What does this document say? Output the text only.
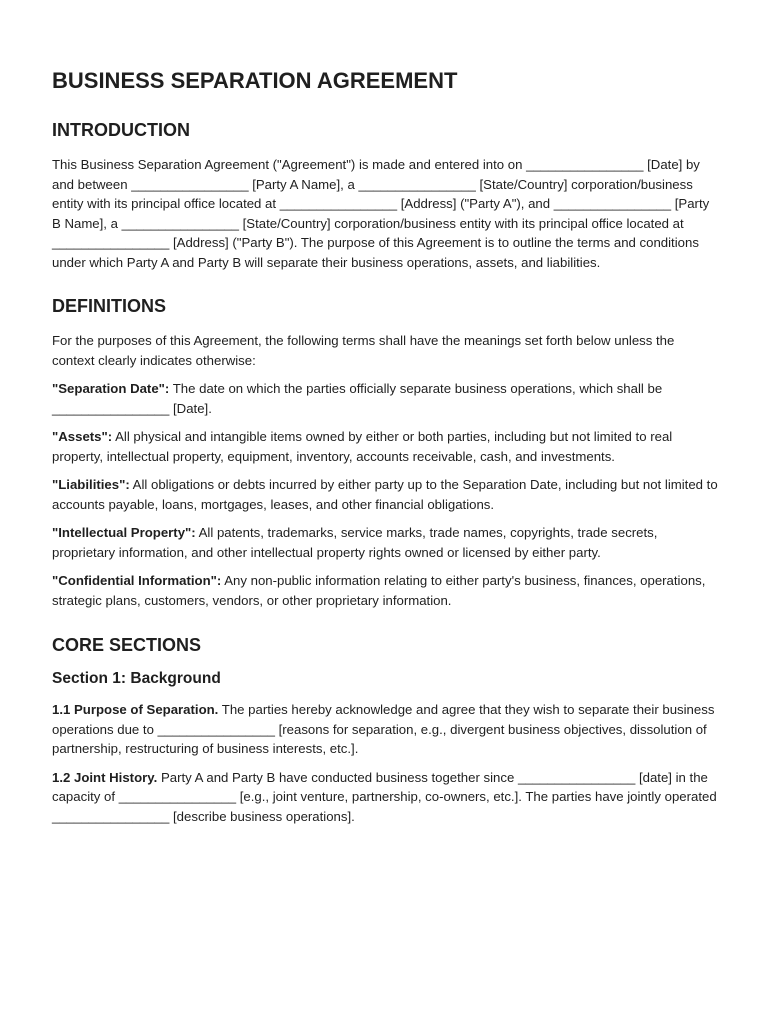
BUSINESS SEPARATION AGREEMENT
INTRODUCTION

This Business Separation Agreement ("Agreement") is made and entered into on ________________ [Date] by and between ________________ [Party A Name], a ________________ [State/Country] corporation/business entity with its principal office located at ________________ [Address] ("Party A"), and ________________ [Party B Name], a ________________ [State/Country] corporation/business entity with its principal office located at ________________ [Address] ("Party B"). The purpose of this Agreement is to outline the terms and conditions under which Party A and Party B will separate their business operations, assets, and liabilities.

DEFINITIONS

For the purposes of this Agreement, the following terms shall have the meanings set forth below unless the context clearly indicates otherwise:

"Separation Date": The date on which the parties officially separate business operations, which shall be ________________ [Date].

"Assets": All physical and intangible items owned by either or both parties, including but not limited to real property, intellectual property, equipment, inventory, accounts receivable, cash, and investments.

"Liabilities": All obligations or debts incurred by either party up to the Separation Date, including but not limited to accounts payable, loans, mortgages, leases, and other financial obligations.

"Intellectual Property": All patents, trademarks, service marks, trade names, copyrights, trade secrets, proprietary information, and other intellectual property rights owned or licensed by either party.

"Confidential Information": Any non-public information relating to either party's business, finances, operations, strategic plans, customers, vendors, or other proprietary information.

CORE SECTIONS
Section 1: Background

1.1 Purpose of Separation. The parties hereby acknowledge and agree that they wish to separate their business operations due to ________________ [reasons for separation, e.g., divergent business objectives, dissolution of partnership, restructuring of business interests, etc.].

1.2 Joint History. Party A and Party B have conducted business together since ________________ [date] in the capacity of ________________ [e.g., joint venture, partnership, co-owners, etc.]. The parties have jointly operated ________________ [describe business operations].
